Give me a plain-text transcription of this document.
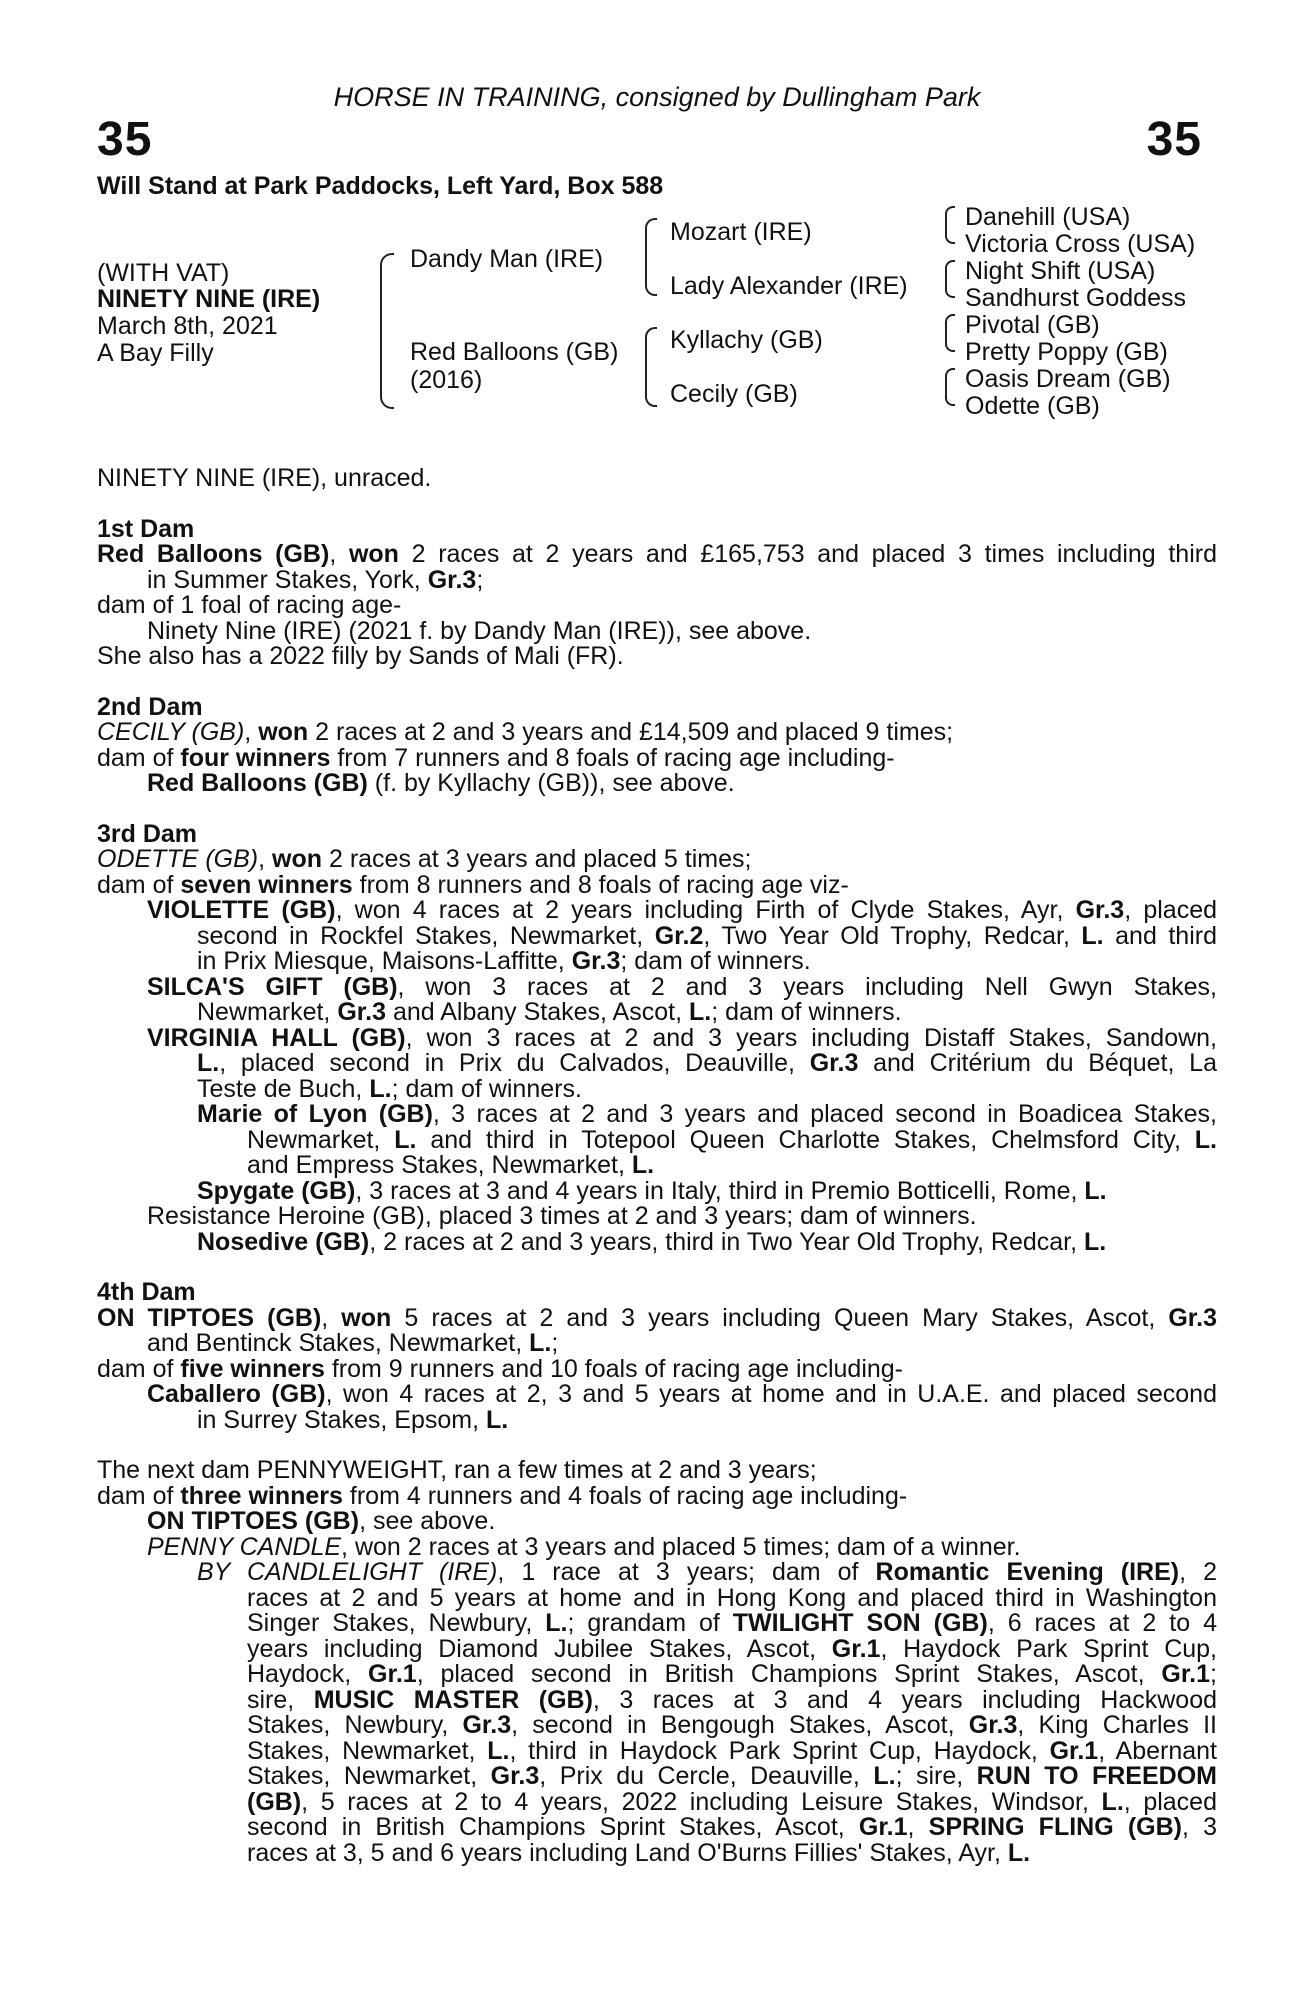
HORSE IN TRAINING, consigned by Dullingham Park
35	35
Will Stand at Park Paddocks, Left Yard, Box 588
(WITH VAT)
NINETY NINE (IRE)
March 8th, 2021
A Bay Filly
Dandy Man (IRE)
Red Balloons (GB)
(2016)
Mozart (IRE)
Lady Alexander (IRE)
Kyllachy (GB)
Cecily (GB)
Danehill (USA)
Victoria Cross (USA)
Night Shift (USA)
Sandhurst Goddess
Pivotal (GB)
Pretty Poppy (GB)
Oasis Dream (GB)
Odette (GB)
NINETY NINE (IRE), unraced.
1st Dam
Red Balloons (GB), won 2 races at 2 years and £165,753 and placed 3 times including third
in Summer Stakes, York, Gr.3;
dam of 1 foal of racing age-
Ninety Nine (IRE) (2021 f. by Dandy Man (IRE)), see above.
She also has a 2022 filly by Sands of Mali (FR).
2nd Dam
CECILY (GB), won 2 races at 2 and 3 years and £14,509 and placed 9 times;
dam of four winners from 7 runners and 8 foals of racing age including-
Red Balloons (GB) (f. by Kyllachy (GB)), see above.
3rd Dam
ODETTE (GB), won 2 races at 3 years and placed 5 times;
dam of seven winners from 8 runners and 8 foals of racing age viz-
VIOLETTE (GB), won 4 races at 2 years including Firth of Clyde Stakes, Ayr, Gr.3, placed
second in Rockfel Stakes, Newmarket, Gr.2, Two Year Old Trophy, Redcar, L. and third
in Prix Miesque, Maisons-Laffitte, Gr.3; dam of winners.
SILCA'S GIFT (GB), won 3 races at 2 and 3 years including Nell Gwyn Stakes,
Newmarket, Gr.3 and Albany Stakes, Ascot, L.; dam of winners.
VIRGINIA HALL (GB), won 3 races at 2 and 3 years including Distaff Stakes, Sandown,
L., placed second in Prix du Calvados, Deauville, Gr.3 and Critérium du Béquet, La
Teste de Buch, L.; dam of winners.
Marie of Lyon (GB), 3 races at 2 and 3 years and placed second in Boadicea Stakes,
Newmarket, L. and third in Totepool Queen Charlotte Stakes, Chelmsford City, L.
and Empress Stakes, Newmarket, L.
Spygate (GB), 3 races at 3 and 4 years in Italy, third in Premio Botticelli, Rome, L.
Resistance Heroine (GB), placed 3 times at 2 and 3 years; dam of winners.
Nosedive (GB), 2 races at 2 and 3 years, third in Two Year Old Trophy, Redcar, L.
4th Dam
ON TIPTOES (GB), won 5 races at 2 and 3 years including Queen Mary Stakes, Ascot, Gr.3
and Bentinck Stakes, Newmarket, L.;
dam of five winners from 9 runners and 10 foals of racing age including-
Caballero (GB), won 4 races at 2, 3 and 5 years at home and in U.A.E. and placed second
in Surrey Stakes, Epsom, L.
The next dam PENNYWEIGHT, ran a few times at 2 and 3 years;
dam of three winners from 4 runners and 4 foals of racing age including-
ON TIPTOES (GB), see above.
PENNY CANDLE, won 2 races at 3 years and placed 5 times; dam of a winner.
BY CANDLELIGHT (IRE), 1 race at 3 years; dam of Romantic Evening (IRE), 2
races at 2 and 5 years at home and in Hong Kong and placed third in Washington
Singer Stakes, Newbury, L.; grandam of TWILIGHT SON (GB), 6 races at 2 to 4
years including Diamond Jubilee Stakes, Ascot, Gr.1, Haydock Park Sprint Cup,
Haydock, Gr.1, placed second in British Champions Sprint Stakes, Ascot, Gr.1;
sire, MUSIC MASTER (GB), 3 races at 3 and 4 years including Hackwood
Stakes, Newbury, Gr.3, second in Bengough Stakes, Ascot, Gr.3, King Charles II
Stakes, Newmarket, L., third in Haydock Park Sprint Cup, Haydock, Gr.1, Abernant
Stakes, Newmarket, Gr.3, Prix du Cercle, Deauville, L.; sire, RUN TO FREEDOM
(GB), 5 races at 2 to 4 years, 2022 including Leisure Stakes, Windsor, L., placed
second in British Champions Sprint Stakes, Ascot, Gr.1, SPRING FLING (GB), 3
races at 3, 5 and 6 years including Land O'Burns Fillies' Stakes, Ayr, L.
